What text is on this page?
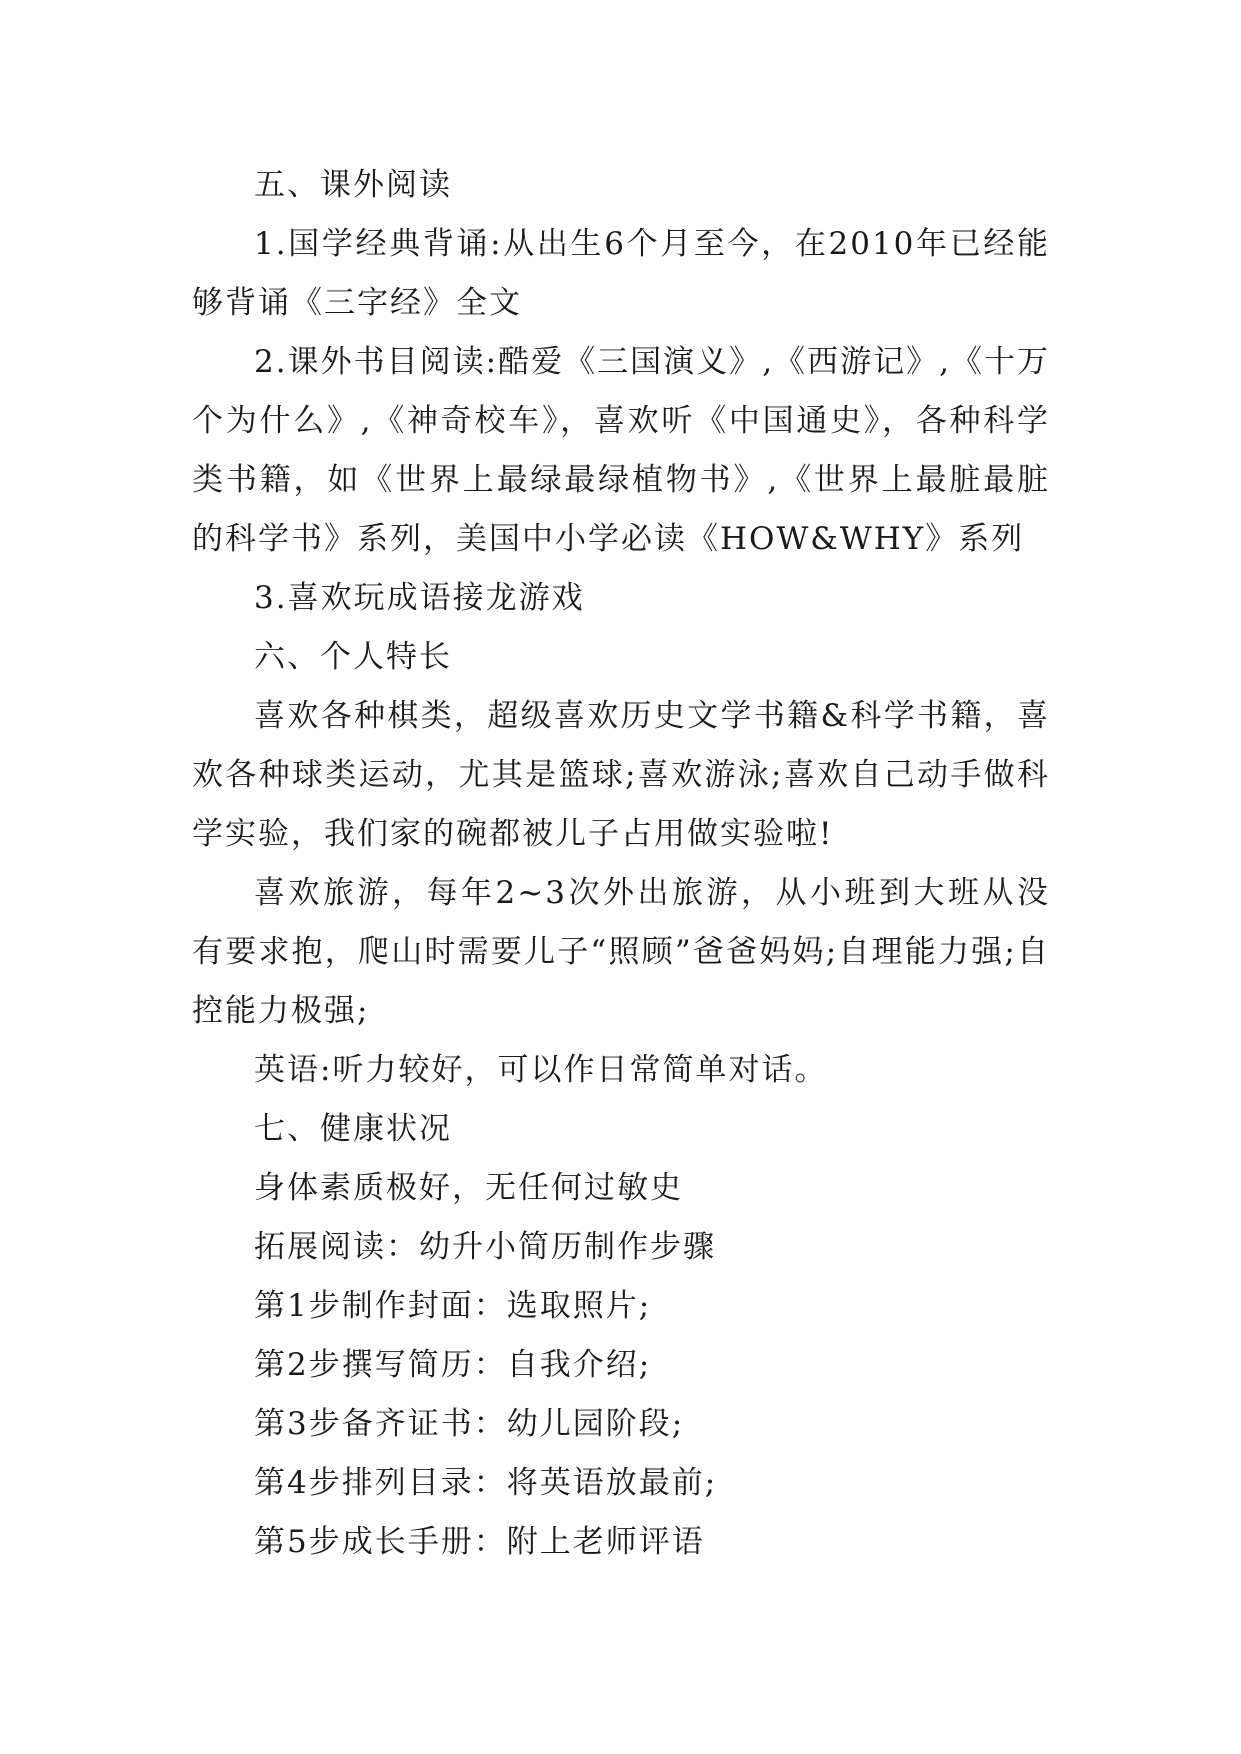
五、课外阅读

1.国学经典背诵:从出生6个月至今，在2010年已经能够背诵《三字经》全文

2.课外书目阅读:酷爱《三国演义》,《西游记》,《十万个为什么》,《神奇校车》，喜欢听《中国通史》，各种科学类书籍，如《世界上最绿最绿植物书》,《世界上最脏最脏的科学书》系列，美国中小学必读《HOW&WHY》系列

3.喜欢玩成语接龙游戏

六、个人特长

喜欢各种棋类，超级喜欢历史文学书籍&科学书籍，喜欢各种球类运动，尤其是篮球;喜欢游泳;喜欢自己动手做科学实验，我们家的碗都被儿子占用做实验啦!

喜欢旅游，每年2~3次外出旅游，从小班到大班从没有要求抱，爬山时需要儿子“照顾”爸爸妈妈;自理能力强;自控能力极强;

英语:听力较好，可以作日常简单对话。

七、健康状况

身体素质极好，无任何过敏史

拓展阅读：幼升小简历制作步骤

第1步制作封面：选取照片;

第2步撰写简历：自我介绍;

第3步备齐证书：幼儿园阶段;

第4步排列目录：将英语放最前;

第5步成长手册：附上老师评语
